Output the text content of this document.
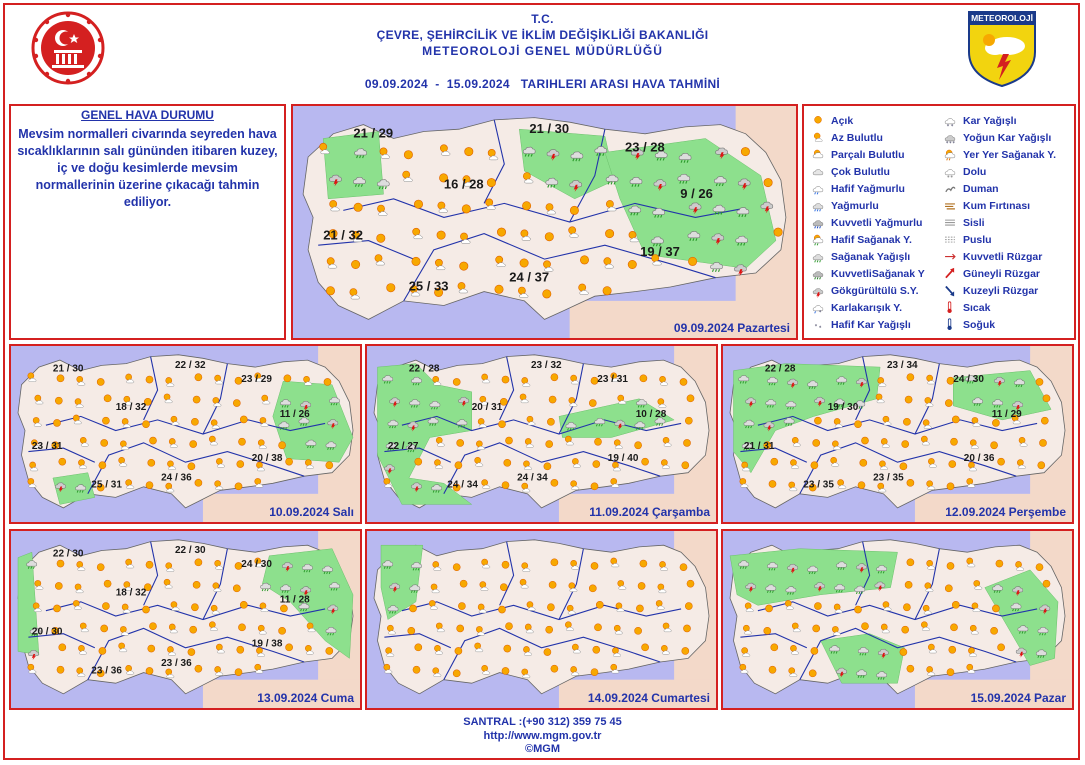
T.C.
ÇEVRE, ŞEHİRCİLİK VE İKLİM DEĞİŞİKLİĞİ BAKANLIĞI
METEOROLOJİ GENEL MÜDÜRLÜĞÜ
09.09.2024  -  15.09.2024   TARIHLERI ARASI HAVA TAHMİNİ
METEOROLOJİ
GENEL HAVA DURUMU
Mevsim normalleri civarında seyreden hava sıcaklıklarının salı gününden itibaren kuzey, iç ve doğu kesimlerde mevsim normallerinin üzerine çıkacağı tahmin ediliyor.
Açık
Az Bulutlu
Parçalı Bulutlu
Çok Bulutlu
Hafif Yağmurlu
Yağmurlu
Kuvvetli Yağmurlu
Hafif Sağanak Y.
Sağanak Yağışlı
KuvvetliSağanak Y
Gökgürültülü S.Y.
* Karlakarışık Y.
* * Hafif Kar Yağışlı
* * Kar Yağışlı
* * * Yoğun Kar Yağışlı
Yer Yer Sağanak Y.
Dolu
Duman
Kum Fırtınası
Sisli
Puslu
Kuvvetli Rüzgar
Güneyli Rüzgar
Kuzeyli Rüzgar
Sıcak
Soğuk
21 / 29	21 / 30
23 / 28
16 / 28
9 / 26
21 / 32
19 / 37
25 / 33
24 / 37
09.09.2024 Pazartesi
21 / 30	22 / 32
23 / 29
18 / 32
11 / 26
23 / 31
20 / 38
25 / 31
24 / 36
10.09.2024 Salı
22 / 28	23 / 32
23 / 31
20 / 31
10 / 28
22 / 27
19 / 40
24 / 34
24 / 34
11.09.2024 Çarşamba
22 / 28	23 / 34
24 / 30
19 / 30
11 / 29
21 / 31
20 / 36
23 / 35
23 / 35
12.09.2024 Perşembe
22 / 30	22 / 30
24 / 30
18 / 32
11 / 28
20 / 30
19 / 38
23 / 36
23 / 36
13.09.2024 Cuma	14.09.2024 Cumartesi	15.09.2024 Pazar
SANTRAL :(+90 312) 359 75 45
http://www.mgm.gov.tr
©MGM
